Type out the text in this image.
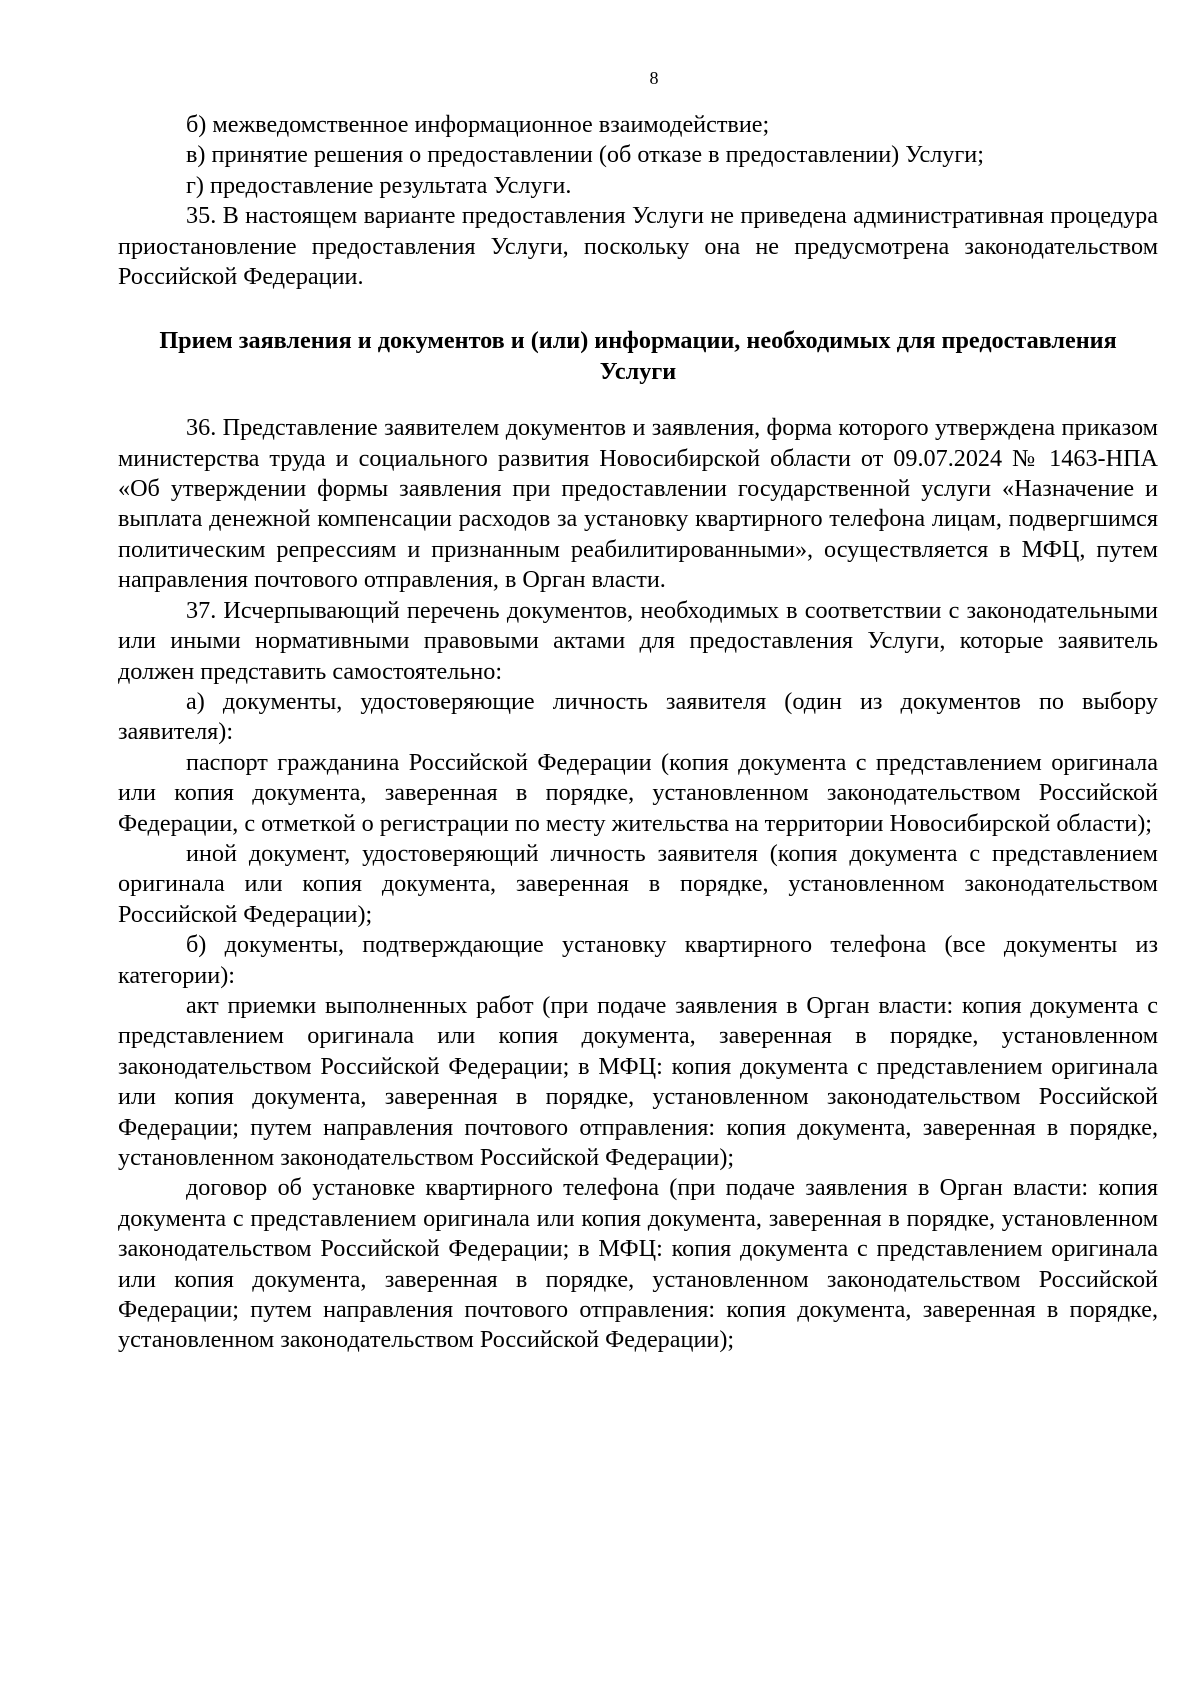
8

б) межведомственное информационное взаимодействие;

в) принятие решения о предоставлении (об отказе в предоставлении) Услуги;

г) предоставление результата Услуги.

35. В настоящем варианте предоставления Услуги не приведена административная процедура приостановление предоставления Услуги, поскольку она не предусмотрена законодательством Российской Федерации.

Прием заявления и документов и (или) информации, необходимых для предоставления Услуги

36. Представление заявителем документов и заявления, форма которого утверждена приказом министерства труда и социального развития Новосибирской области от 09.07.2024 № 1463-НПА «Об утверждении формы заявления при предоставлении государственной услуги «Назначение и выплата денежной компенсации расходов за установку квартирного телефона лицам, подвергшимся политическим репрессиям и признанным реабилитированными», осуществляется в МФЦ, путем направления почтового отправления, в Орган власти.

37. Исчерпывающий перечень документов, необходимых в соответствии с законодательными или иными нормативными правовыми актами для предоставления Услуги, которые заявитель должен представить самостоятельно:

а) документы, удостоверяющие личность заявителя (один из документов по выбору заявителя):

паспорт гражданина Российской Федерации (копия документа с представлением оригинала или копия документа, заверенная в порядке, установленном законодательством Российской Федерации, с отметкой о регистрации по месту жительства на территории Новосибирской области);

иной документ, удостоверяющий личность заявителя (копия документа с представлением оригинала или копия документа, заверенная в порядке, установленном законодательством Российской Федерации);

б) документы, подтверждающие установку квартирного телефона (все документы из категории):

акт приемки выполненных работ (при подаче заявления в Орган власти: копия документа с представлением оригинала или копия документа, заверенная в порядке, установленном законодательством Российской Федерации; в МФЦ: копия документа с представлением оригинала или копия документа, заверенная в порядке, установленном законодательством Российской Федерации; путем направления почтового отправления: копия документа, заверенная в порядке, установленном законодательством Российской Федерации);

договор об установке квартирного телефона (при подаче заявления в Орган власти: копия документа с представлением оригинала или копия документа, заверенная в порядке, установленном законодательством Российской Федерации; в МФЦ: копия документа с представлением оригинала или копия документа, заверенная в порядке, установленном законодательством Российской Федерации; путем направления почтового отправления: копия документа, заверенная в порядке, установленном законодательством Российской Федерации);
